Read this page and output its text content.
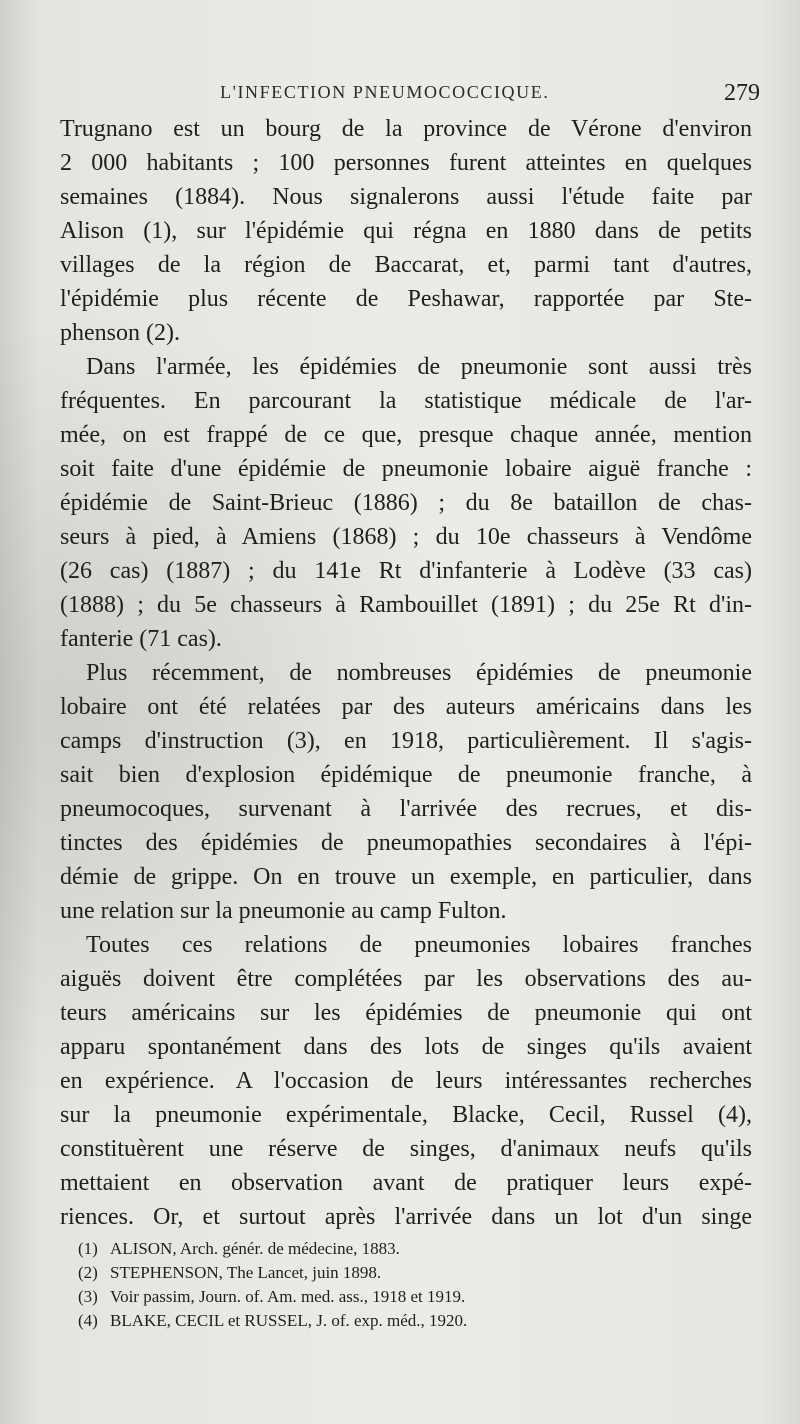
L'INFECTION PNEUMOCOCCIQUE.	279
Trugnano est un bourg de la province de Vérone d'environ
2 000 habitants ; 100 personnes furent atteintes en quelques
semaines (1884). Nous signalerons aussi l'étude faite par
Alison (1), sur l'épidémie qui régna en 1880 dans de petits
villages de la région de Baccarat, et, parmi tant d'autres,
l'épidémie plus récente de Peshawar, rapportée par Ste-
phenson (2).
Dans l'armée, les épidémies de pneumonie sont aussi très
fréquentes. En parcourant la statistique médicale de l'ar-
mée, on est frappé de ce que, presque chaque année, mention
soit faite d'une épidémie de pneumonie lobaire aiguë franche :
épidémie de Saint-Brieuc (1886) ; du 8e bataillon de chas-
seurs à pied, à Amiens (1868) ; du 10e chasseurs à Vendôme
(26 cas) (1887) ; du 141e Rt d'infanterie à Lodève (33 cas)
(1888) ; du 5e chasseurs à Rambouillet (1891) ; du 25e Rt d'in-
fanterie (71 cas).
Plus récemment, de nombreuses épidémies de pneumonie
lobaire ont été relatées par des auteurs américains dans les
camps d'instruction (3), en 1918, particulièrement. Il s'agis-
sait bien d'explosion épidémique de pneumonie franche, à
pneumocoques, survenant à l'arrivée des recrues, et dis-
tinctes des épidémies de pneumopathies secondaires à l'épi-
démie de grippe. On en trouve un exemple, en particulier, dans
une relation sur la pneumonie au camp Fulton.
Toutes ces relations de pneumonies lobaires franches
aiguës doivent être complétées par les observations des au-
teurs américains sur les épidémies de pneumonie qui ont
apparu spontanément dans des lots de singes qu'ils avaient
en expérience. A l'occasion de leurs intéressantes recherches
sur la pneumonie expérimentale, Blacke, Cecil, Russel (4),
constituèrent une réserve de singes, d'animaux neufs qu'ils
mettaient en observation avant de pratiquer leurs expé-
riences. Or, et surtout après l'arrivée dans un lot d'un singe
(1) ALISON, Arch. génér. de médecine, 1883.
(2) STEPHENSON, The Lancet, juin 1898.
(3) Voir passim, Journ. of. Am. med. ass., 1918 et 1919.
(4) BLAKE, CECIL et RUSSEL, J. of. exp. méd., 1920.
